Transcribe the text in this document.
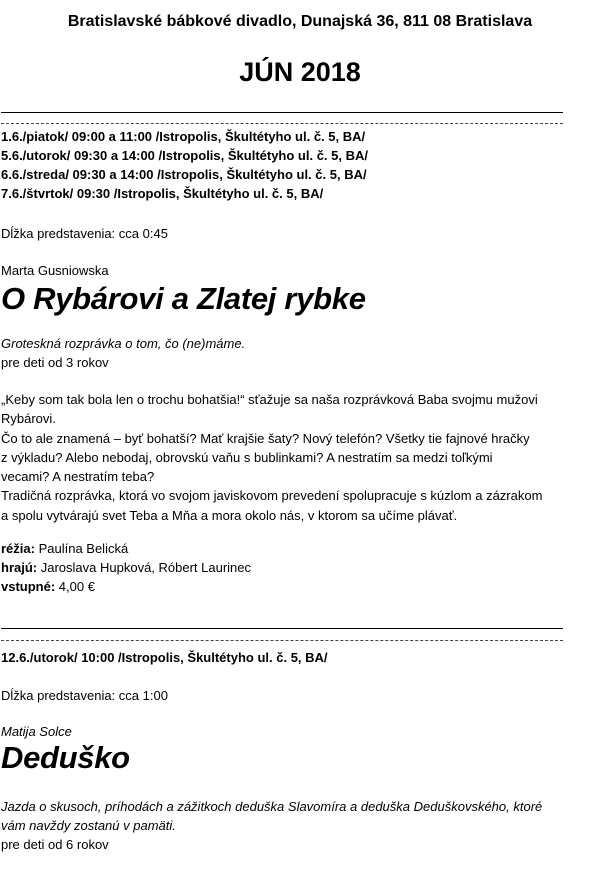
Bratislavské bábkové divadlo, Dunajská 36, 811 08 Bratislava
JÚN 2018
1.6./piatok/ 09:00 a 11:00 /Istropolis, Škultétyho ul. č. 5, BA/
5.6./utorok/ 09:30 a 14:00 /Istropolis, Škultétyho ul. č. 5, BA/
6.6./streda/ 09:30 a 14:00 /Istropolis, Škultétyho ul. č. 5, BA/
7.6./štvrtok/ 09:30 /Istropolis, Škultétyho ul. č. 5, BA/
Dĺžka predstavenia: cca 0:45
Marta Gusniowska
O Rybárovi a Zlatej rybke
Groteskná rozprávka o tom, čo (ne)máme.
pre deti od 3 rokov
„Keby som tak bola len o trochu bohatšia!“ sťažuje sa naša rozprávková Baba svojmu mužovi
Rybárovi.
Čo to ale znamená – byť bohatší? Mať krajšie šaty? Nový telefón? Všetky tie fajnové hračky
z výkladu? Alebo nebodaj, obrovskú vaňu s bublinkami? A nestratím sa medzi toľkými
vecami? A nestratím teba?
Tradičná rozprávka, ktorá vo svojom javiskovom prevedení spolupracuje s kúzlom a zázrakom
a spolu vytvárajú svet Teba a Mňa a mora okolo nás, v ktorom sa učíme plávať.
réžia: Paulína Belická
hrajú: Jaroslava Hupková, Róbert Laurinec
vstupné: 4,00 €
12.6./utorok/ 10:00 /Istropolis, Škultétyho ul. č. 5, BA/
Dĺžka predstavenia: cca 1:00
Matija Solce
Deduško
Jazda o skusoch, príhodách a zážitkoch deduška Slavomíra a deduška Deduškovského, ktoré
vám navždy zostanú v pamäti.
pre deti od 6 rokov
